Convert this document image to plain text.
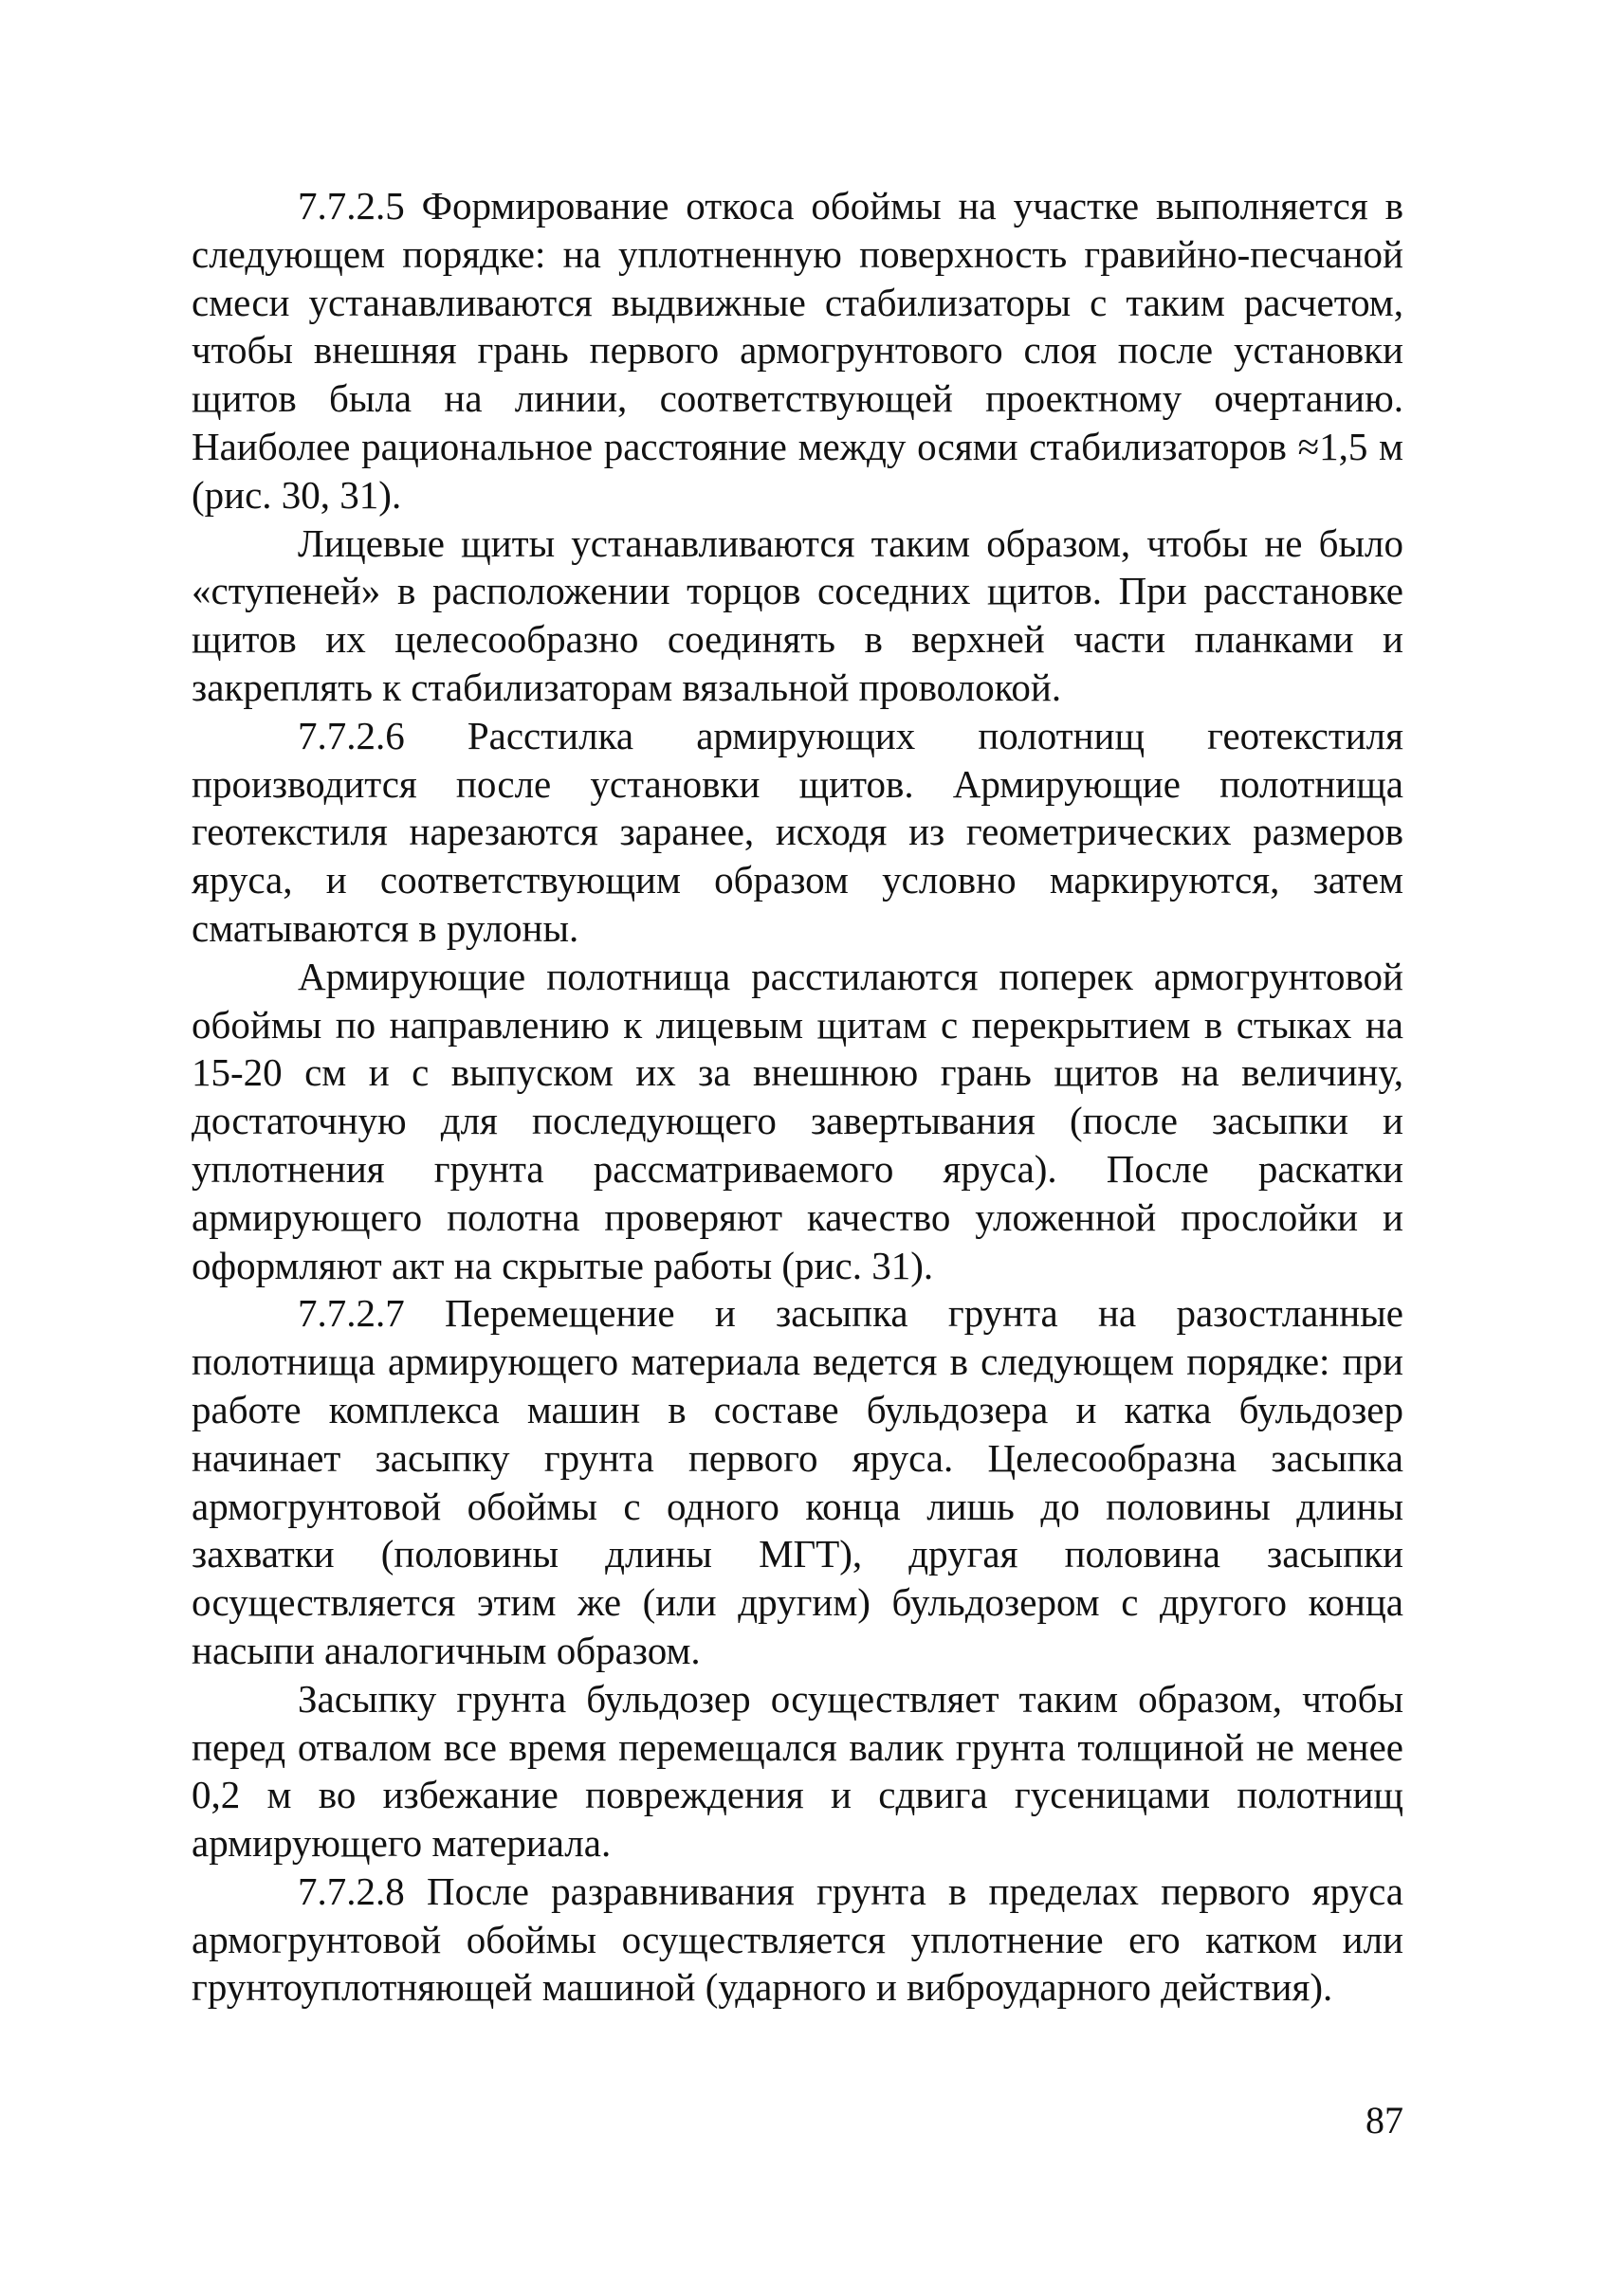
7.7.2.5 Формирование откоса обоймы на участке выполняется в следующем порядке: на уплотненную поверхность гравийно-песчаной смеси устанавливаются выдвижные стабилизаторы с таким расчетом, чтобы внешняя грань первого армогрунтового слоя после установки щитов была на линии, соответствующей проектному очертанию. Наиболее рациональное расстояние между осями стабилизаторов ≈1,5 м (рис. 30, 31).

Лицевые щиты устанавливаются таким образом, чтобы не было «ступеней» в расположении торцов соседних щитов. При расстановке щитов их целесообразно соединять в верхней части планками и закреплять к стабилизаторам вязальной проволокой.

7.7.2.6 Расстилка армирующих полотнищ геотекстиля производится после установки щитов. Армирующие полотнища геотекстиля нарезаются заранее, исходя из геометрических размеров яруса, и соответствующим образом условно маркируются, затем сматываются в рулоны.

Армирующие полотнища расстилаются поперек армогрунтовой обоймы по направлению к лицевым щитам с перекрытием в стыках на 15-20 см и с выпуском их за внешнюю грань щитов на величину, достаточную для последующего завертывания (после засыпки и уплотнения грунта рассматриваемого яруса). После раскатки армирующего полотна проверяют качество уложенной прослойки и оформляют акт на скрытые работы (рис. 31).

7.7.2.7 Перемещение и засыпка грунта на разостланные полотнища армирующего материала ведется в следующем порядке: при работе комплекса машин в составе бульдозера и катка бульдозер начинает засыпку грунта первого яруса. Целесообразна засыпка армогрунтовой обоймы с одного конца лишь до половины длины захватки (половины длины МГТ), другая половина засыпки осуществляется этим же (или другим) бульдозером с другого конца насыпи аналогичным образом.

Засыпку грунта бульдозер осуществляет таким образом, чтобы перед отвалом все время перемещался валик грунта толщиной не менее 0,2 м во избежание повреждения и сдвига гусеницами полотнищ армирующего материала.

7.7.2.8 После разравнивания грунта в пределах первого яруса армогрунтовой обоймы осуществляется уплотнение его катком или грунтоуплотняющей машиной (ударного и виброударного действия).

87
